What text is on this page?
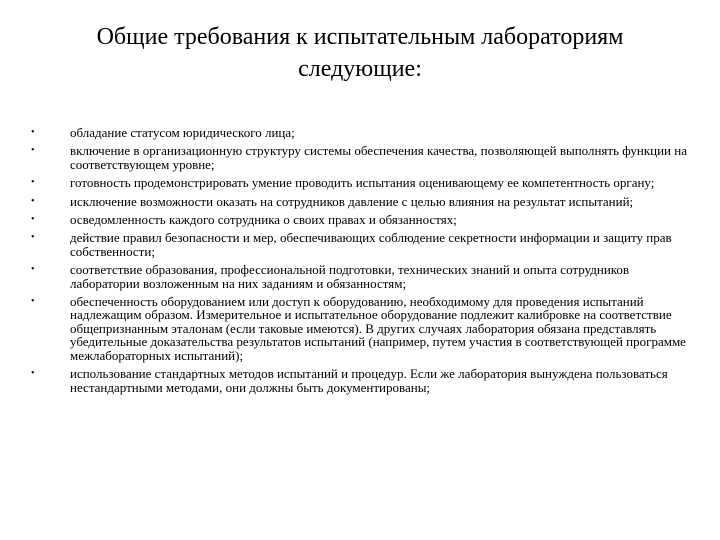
Общие требования к испытательным лабораториям
следующие:
•	обладание статусом юридического лица;

•	включение в организационную структуру системы обеспечения качества, позволяющей выполнять функции на соответствующем уровне;

•	готовность продемонстрировать умение проводить испытания оценивающему ее компетентность органу;

•	исключение возможности оказать на сотрудников давление с целью влияния на результат испытаний;

•	осведомленность каждого сотрудника о своих правах и обязанностях;

•	действие правил безопасности и мер, обеспечивающих соблюдение секретности информации и защиту прав собственности;

•	соответствие образования, профессиональной подготовки, технических знаний и опыта сотрудников лаборатории возложенным на них заданиям и обязанностям;

•	обеспеченность оборудованием или доступ к оборудованию, необходимому для проведения испытаний надлежащим образом. Измерительное и испытательное оборудование подлежит калибровке на соответствие общепризнанным эталонам (если таковые имеются). В других случаях лаборатория обязана представлять убедительные доказательства результатов испытаний (например, путем участия в соответствующей программе межлабораторных испытаний);

•	использование стандартных методов испытаний и процедур. Если же лаборатория вынуждена пользоваться нестандартными методами, они должны быть документированы;
